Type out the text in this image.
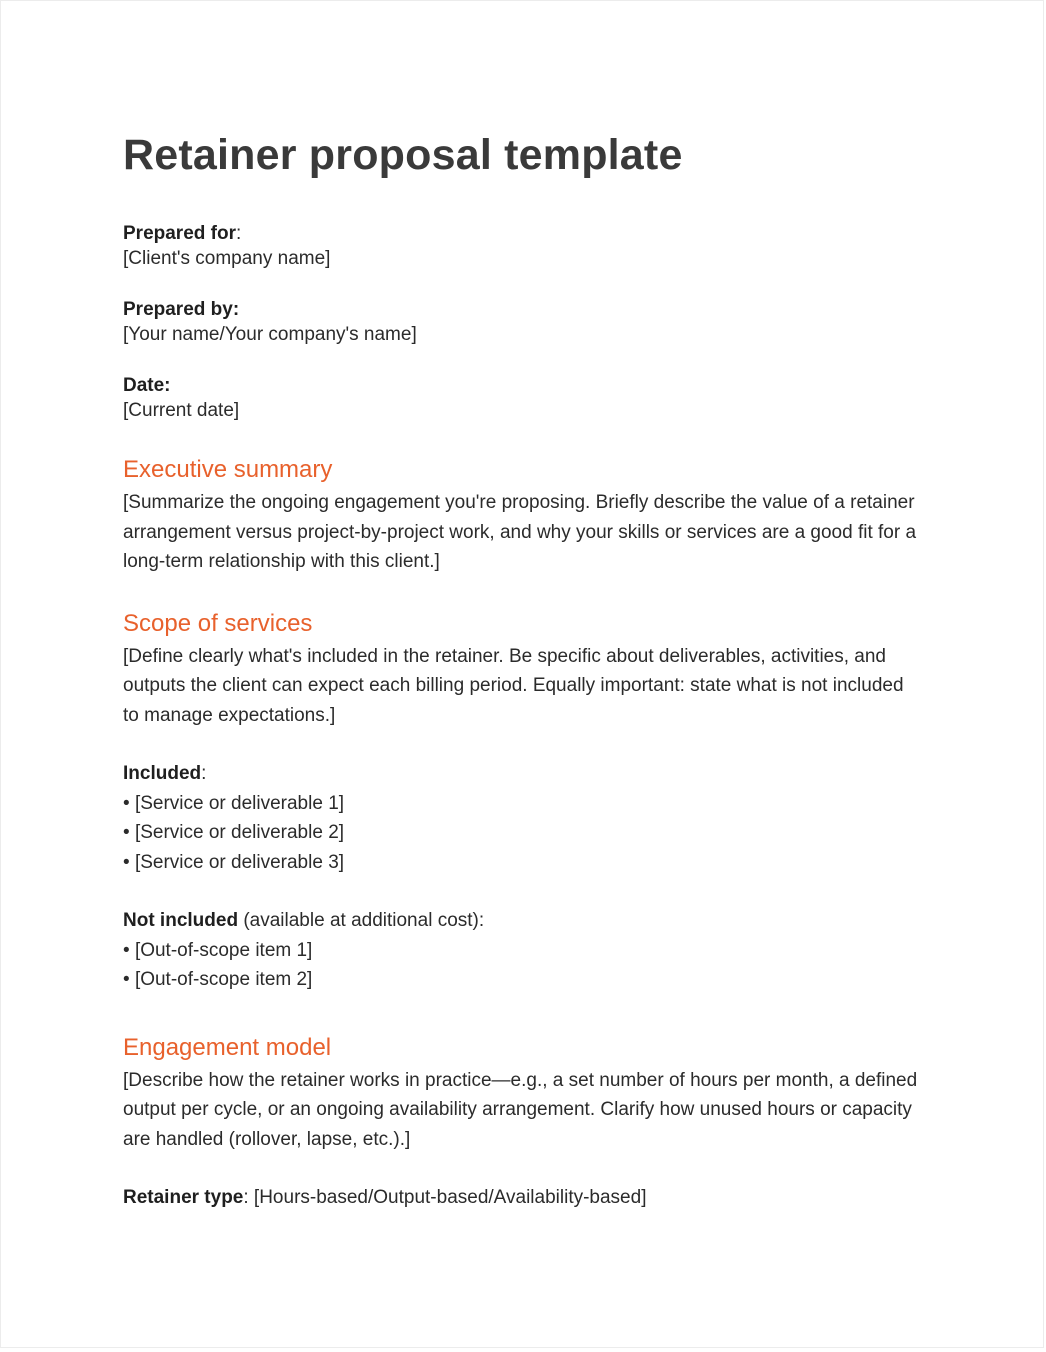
Retainer proposal template
Prepared for:
[Client's company name]
Prepared by:
[Your name/Your company's name]
Date:
[Current date]
Executive summary

[Summarize the ongoing engagement you're proposing. Briefly describe the value of a retainer arrangement versus project-by-project work, and why your skills or services are a good fit for a long-term relationship with this client.]

Scope of services

[Define clearly what's included in the retainer. Be specific about deliverables, activities, and outputs the client can expect each billing period. Equally important: state what is not included to manage expectations.]

Included:
• [Service or deliverable 1]
• [Service or deliverable 2]
• [Service or deliverable 3]
Not included (available at additional cost):
• [Out-of-scope item 1]
• [Out-of-scope item 2]
Engagement model

[Describe how the retainer works in practice—e.g., a set number of hours per month, a defined output per cycle, or an ongoing availability arrangement. Clarify how unused hours or capacity are handled (rollover, lapse, etc.).]

Retainer type: [Hours-based/Output-based/Availability-based]
